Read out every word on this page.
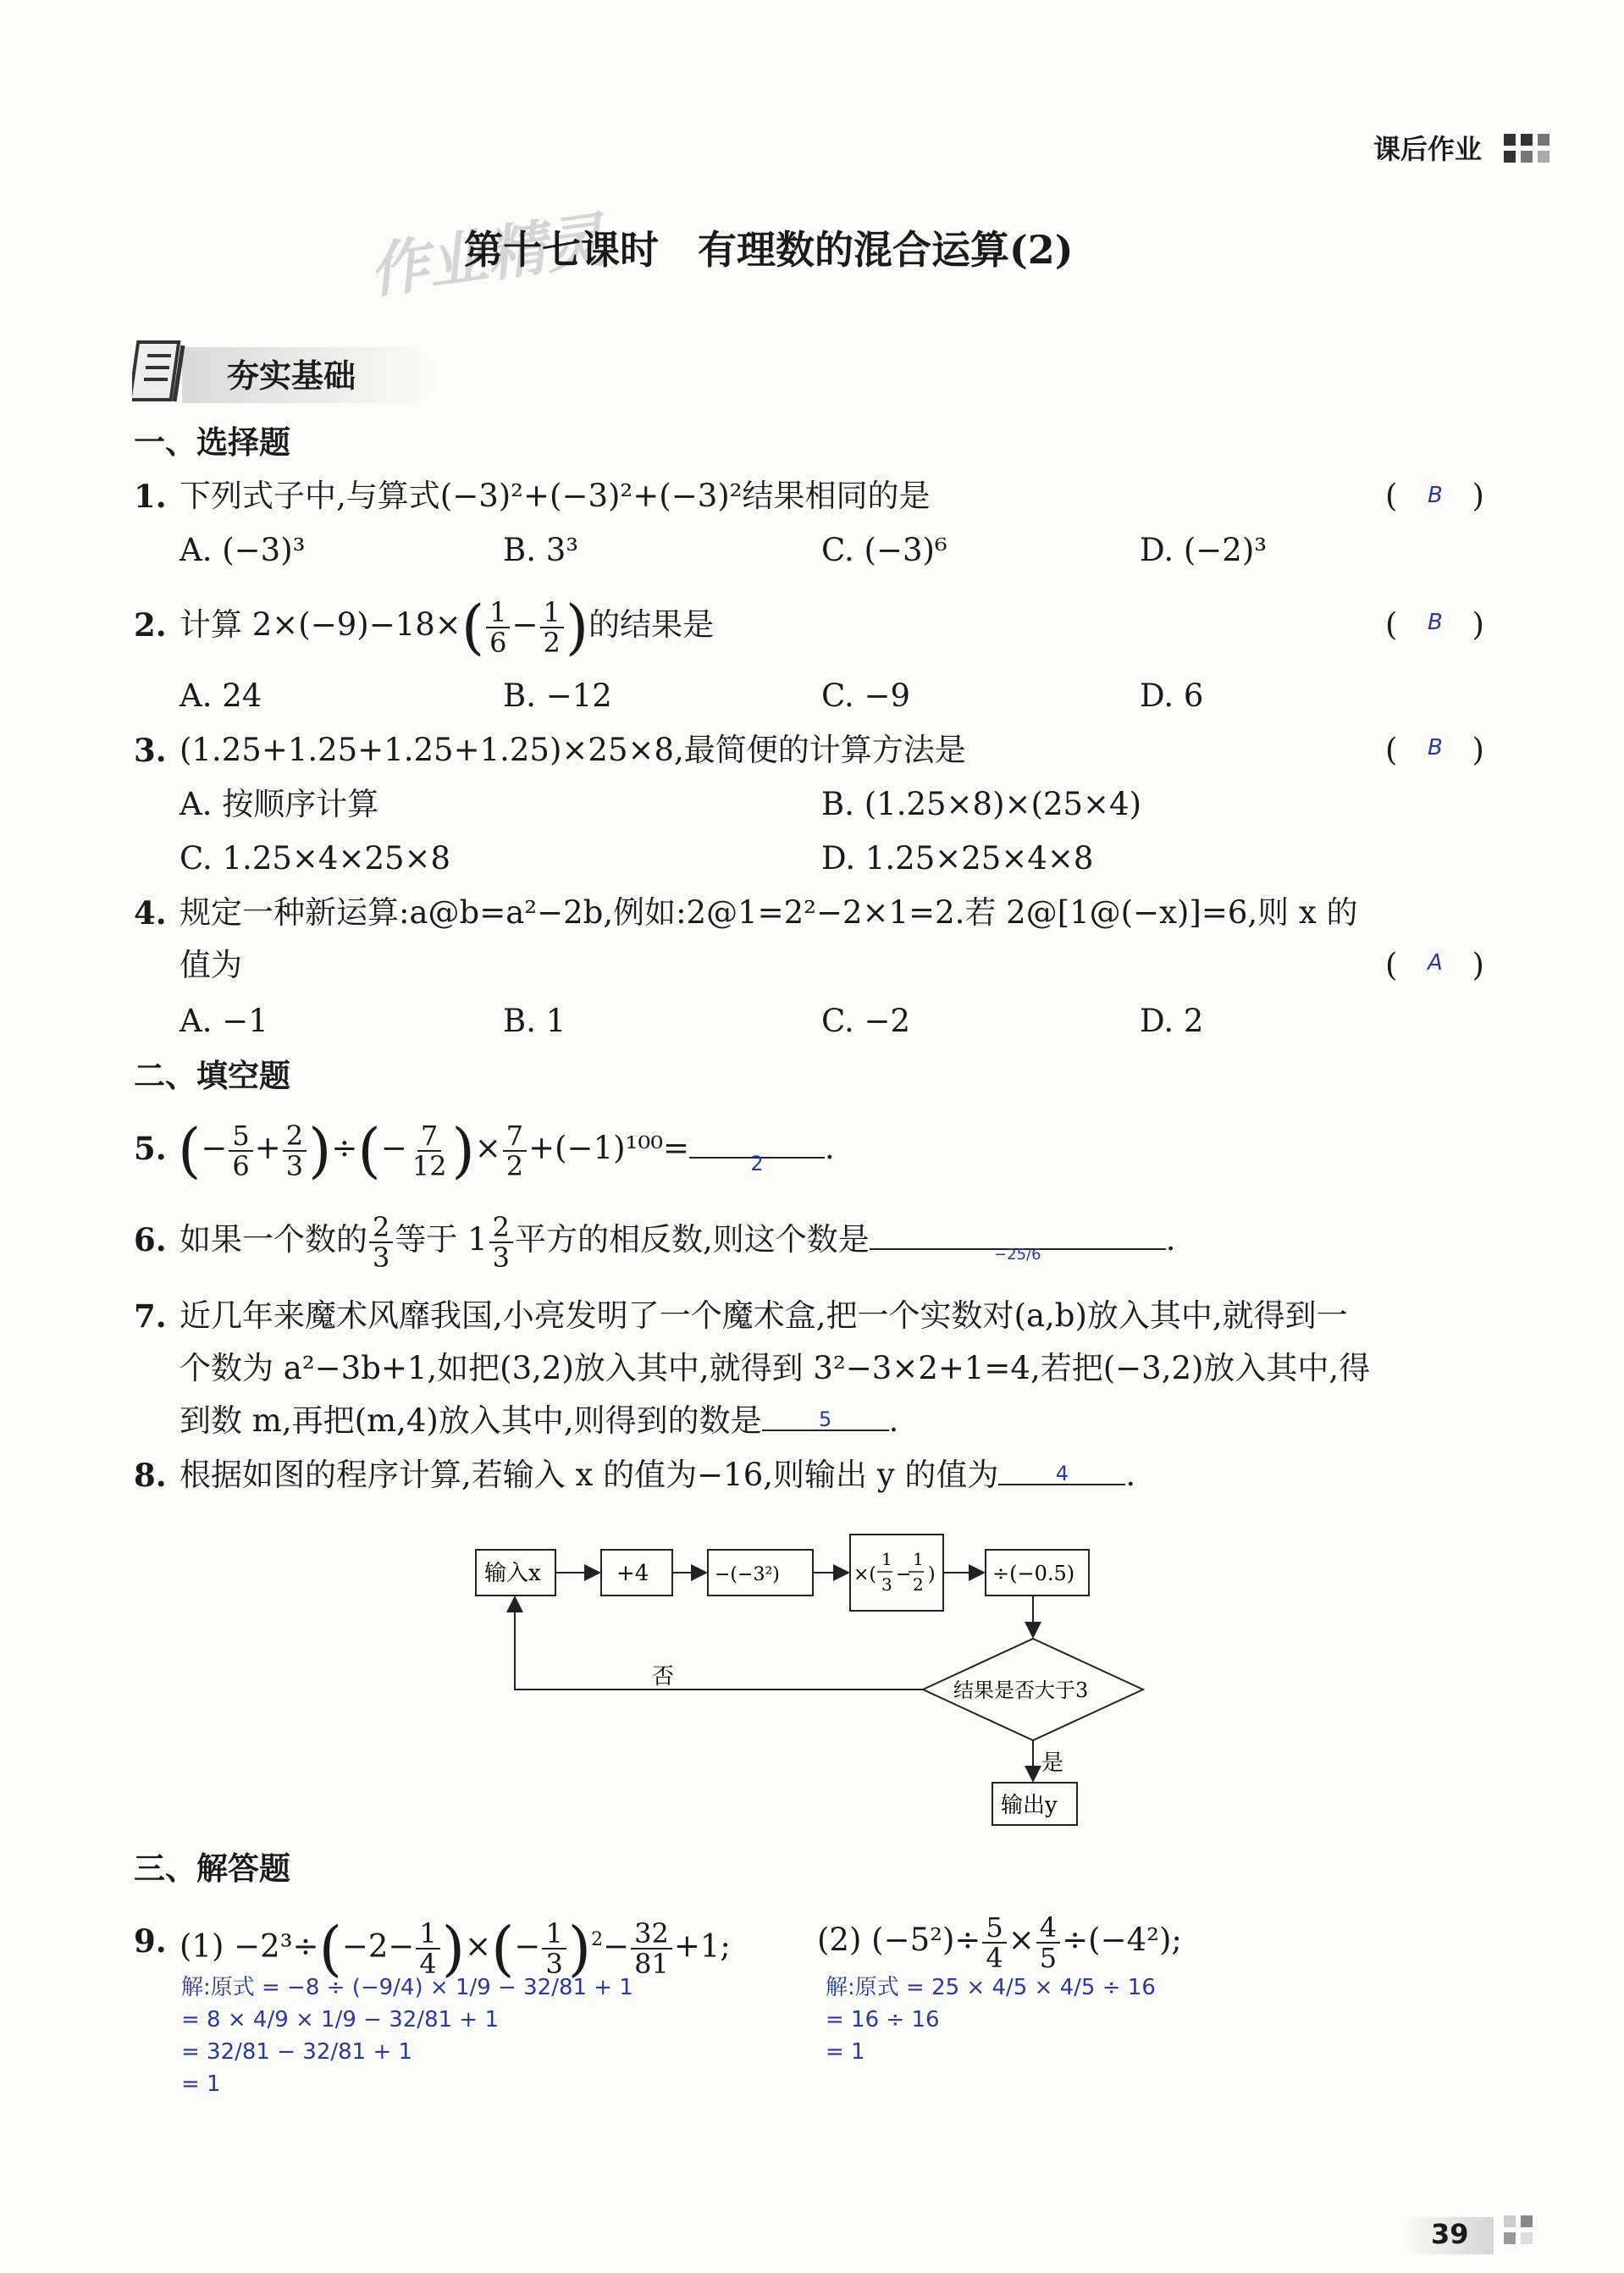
课后作业
作业精灵
第十七课时　有理数的混合运算(2)
夯实基础
一、选择题
1. 下列式子中,与算式(−3)²+(−3)²+(−3)²结果相同的是	( )
B
A. (−3)³	B. 3³	C. (−3)⁶	D. (−2)³
2. 计算 $2\times(-9)-18\times( \frac{1}{6} - \frac{1}{2}$ )的结果是	( )
B
A. 24	B. −12	C. −9	D. 6
3. (1.25+1.25+1.25+1.25)×25×8,最简便的计算方法是	( )
B
A. 按顺序计算	B. (1.25×8)×(25×4)
C. 1.25×4×25×8	D. 1.25×25×4×8
4. 规定一种新运算:a@b=a²−2b,例如:2@1=2²−2×1=2.若 2@[1@(−x)]=6,则 x 的
值为	( )
A
A. −1	B. 1	C. −2	D. 2
二、填空题
5. (− $\frac{5}{6} + \frac{2}{3}$ )÷(− $\frac{7}{12}$ )× $\frac{7}{2} +(-1)^{100}=$	2	.
6. 如果一个数的 $\frac{2}{3}$ 等于 $1 \frac{2}{3}$ 平方的相反数,则这个数是	−25/6	.
7. 近几年来魔术风靡我国,小亮发明了一个魔术盒,把一个实数对(a,b)放入其中,就得到一
个数为 a²−3b+1,如把(3,2)放入其中,就得到 3²−3×2+1=4,若把(−3,2)放入其中,得
到数 m,再把(m,4)放入其中,则得到的数是	5	.
8. 根据如图的程序计算,若输入 x 的值为−16,则输出 y 的值为	4	.
输入x	+4	−(−3²)	×(
1
3 −
1
2 )	÷(−0.5)
结果是否大于3
否
是
输出y
三、解答题
9. $(1) -2^3\div(-2- \frac{1}{4}$ )×(− $\frac{1}{3} )^2- \frac{32}{81} +1$;	(2) $(-5^2)\div \frac{5}{4} \times \frac{4}{5} \div(-4^2)$;
解:原式 = −8 ÷ (−9/4) × 1/9 − 32/81 + 1
= 8 × 4/9 × 1/9 − 32/81 + 1
= 32/81 − 32/81 + 1
= 1
解:原式 = 25 × 4/5 × 4/5 ÷ 16
= 16 ÷ 16
= 1
39
